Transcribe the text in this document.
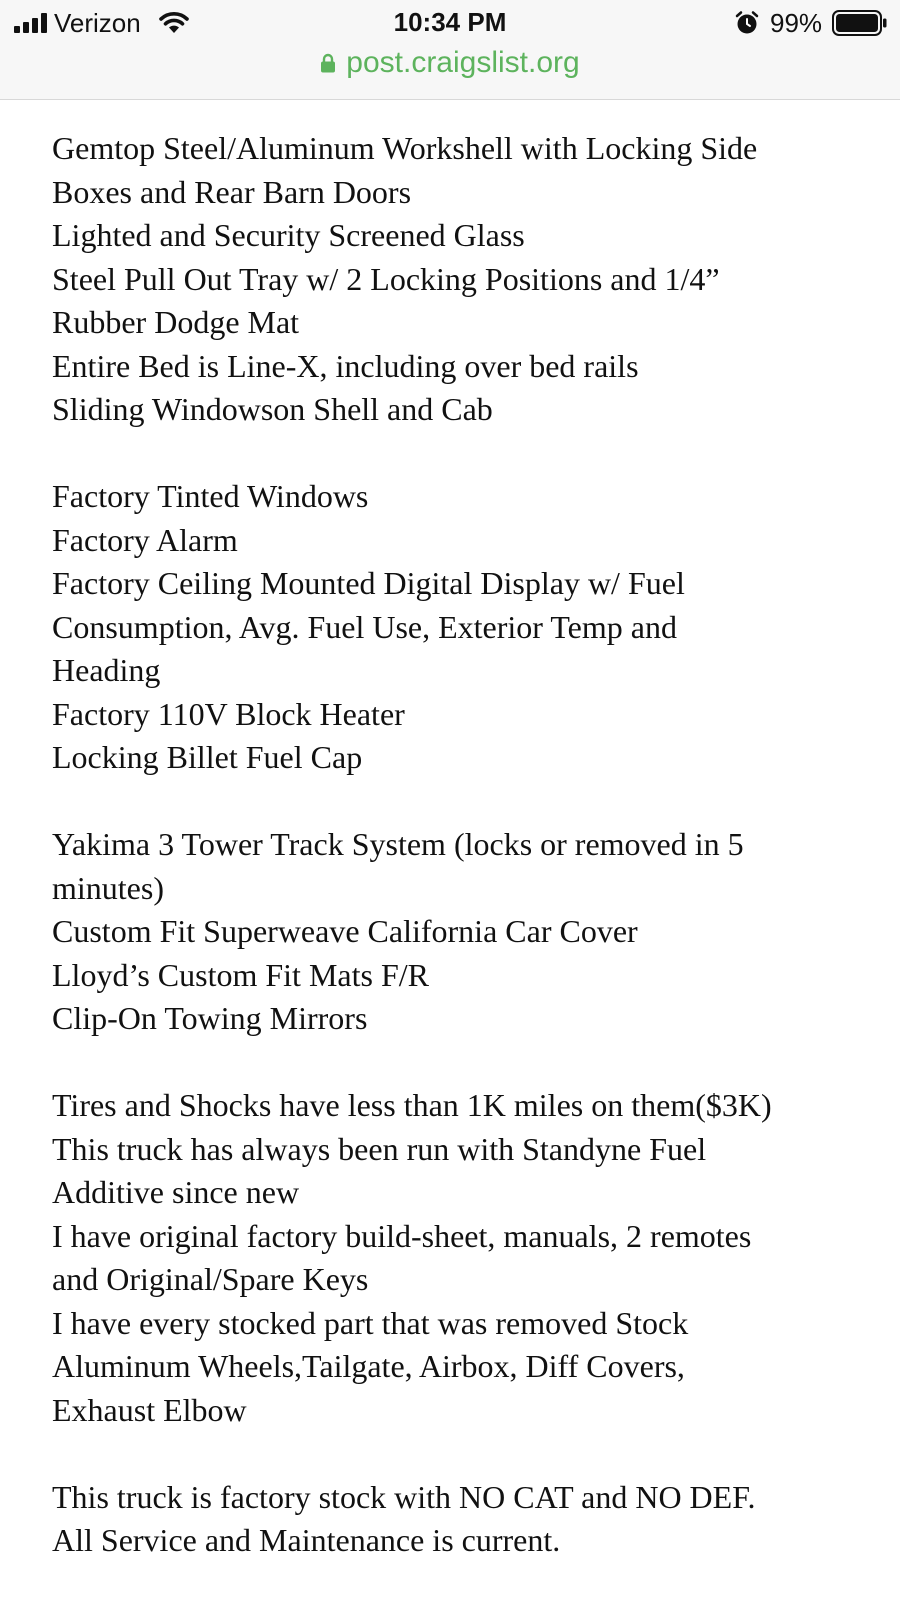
Verizon	10:34 PM	99%
post.craigslist.org
Gemtop Steel/Aluminum Workshell with Locking Side
Boxes and Rear Barn Doors
Lighted and Security Screened Glass
Steel Pull Out Tray w/ 2 Locking Positions and 1/4”
Rubber Dodge Mat
Entire Bed is Line-X, including over bed rails
Sliding Windowson Shell and Cab
Factory Tinted Windows
Factory Alarm
Factory Ceiling Mounted Digital Display w/ Fuel
Consumption, Avg. Fuel Use, Exterior Temp and
Heading
Factory 110V Block Heater
Locking Billet Fuel Cap
Yakima 3 Tower Track System (locks or removed in 5
minutes)
Custom Fit Superweave California Car Cover
Lloyd’s Custom Fit Mats F/R
Clip-On Towing Mirrors
Tires and Shocks have less than 1K miles on them($3K)
This truck has always been run with Standyne Fuel
Additive since new
I have original factory build-sheet, manuals, 2 remotes
and Original/Spare Keys
I have every stocked part that was removed Stock
Aluminum Wheels,Tailgate, Airbox, Diff Covers,
Exhaust Elbow
This truck is factory stock with NO CAT and NO DEF.
All Service and Maintenance is current.
